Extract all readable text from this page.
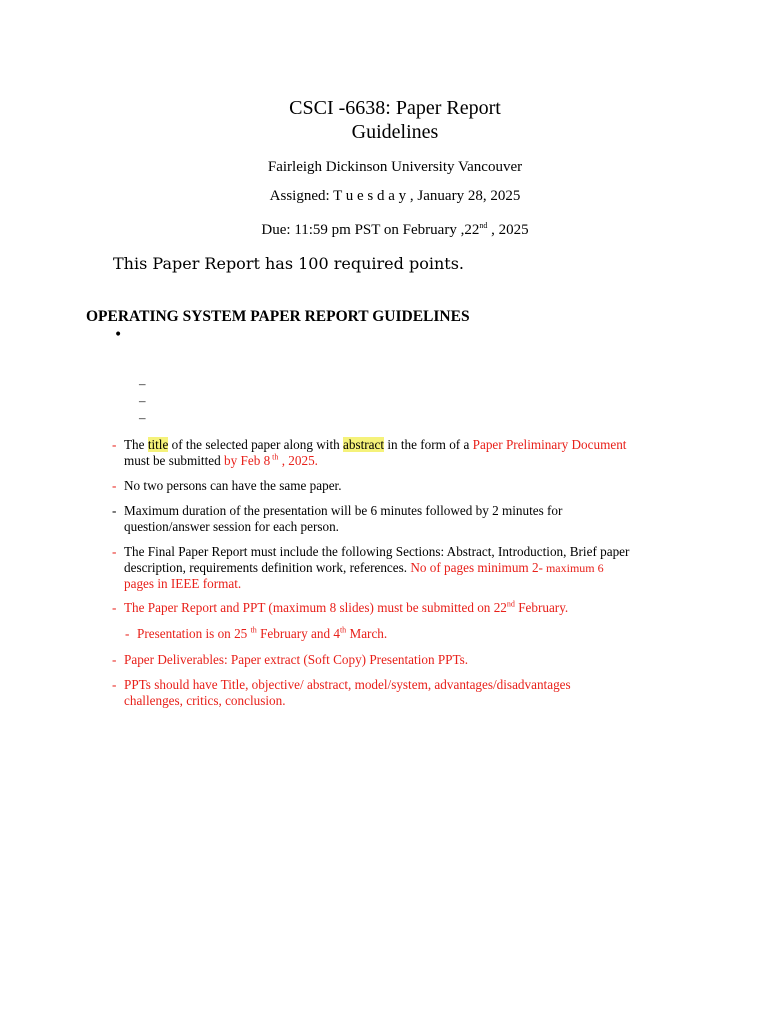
CSCI -6638: Paper Report
Guidelines
Fairleigh Dickinson University Vancouver
Assigned: T u e s d a y , January 28, 2025
Due: 11:59 pm PST on February ,22nd , 2025
This Paper Report has 100 required points.
OPERATING SYSTEM PAPER REPORT GUIDELINES
•
–
–
–
- The title of the selected paper along with abstract in the form of a Paper Preliminary Document
must be submitted by Feb 8 $^{th}$ , 2025.
- No two persons can have the same paper.
- Maximum duration of the presentation will be 6 minutes followed by 2 minutes for
question/answer session for each person.
- The Final Paper Report must include the following Sections: Abstract, Introduction, Brief paper
description, requirements definition work, references. No of pages minimum 2- maximum 6
pages in IEEE format.
- The Paper Report and PPT (maximum 8 slides) must be submitted on 22nd February.
- Presentation is on 25 $^{th}$ February and 4th March.
- Paper Deliverables: Paper extract (Soft Copy) Presentation PPTs.
- PPTs should have Title, objective/ abstract, model/system, advantages/disadvantages
challenges, critics, conclusion.
